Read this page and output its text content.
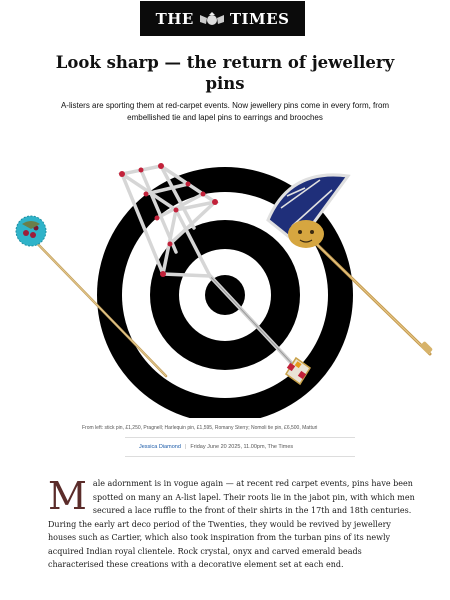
THE TIMES
Look sharp — the return of jewellery pins

A-listers are sporting them at red-carpet events. Now jewellery pins come in every form, from embellished tie and lapel pins to earrings and brooches

From left: stick pin, £1,250, Pragnell; Harlequin pin, £1,595, Romany Sterry; Nomoli tie pin, £6,500, Matturi
Jessica Diamond | Friday June 20 2025, 11.00pm, The Times

M ale adornment is in vogue again — at recent red carpet events, pins have been spotted on many an A-list lapel. Their roots lie in the jabot pin, with which men secured a lace ruffle to the front of their shirts in the 17th and 18th centuries. During the early art deco period of the Twenties, they would be revived by jewellery houses such as Cartier, which also took inspiration from the turban pins of its newly acquired Indian royal clientele. Rock crystal, onyx and carved emerald beads characterised these creations with a decorative element set at each end.
